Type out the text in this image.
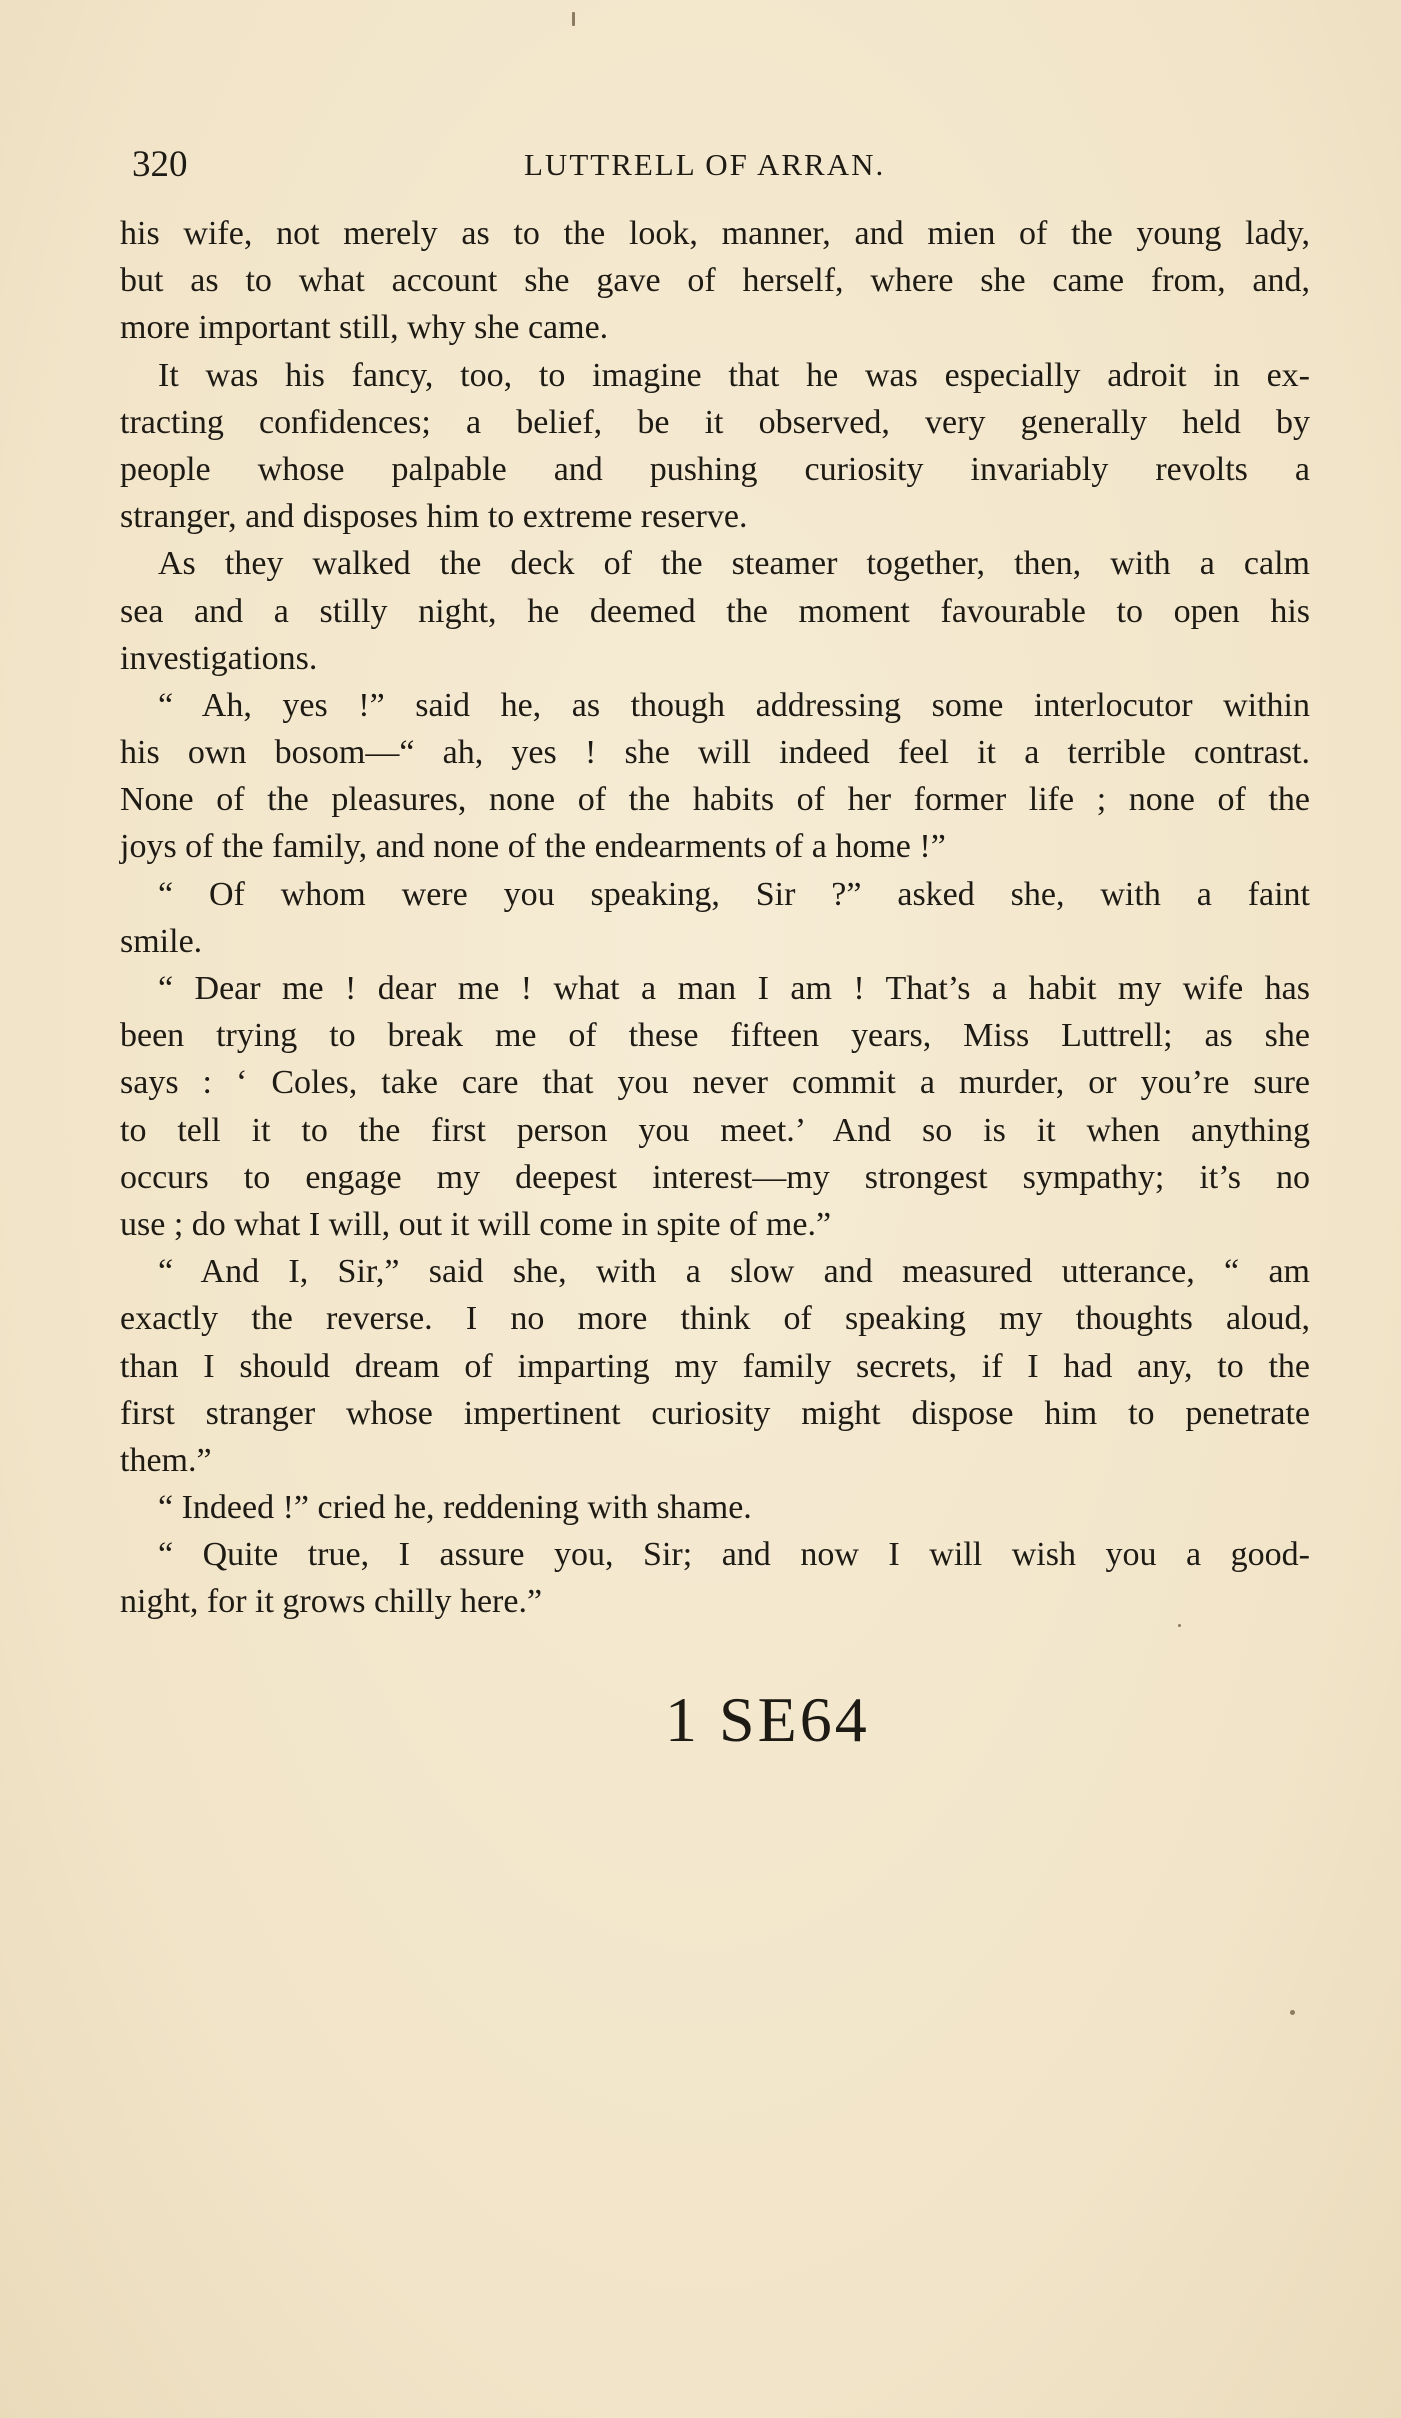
320	LUTTRELL OF ARRAN.
his wife, not merely as to the look, manner, and mien of the young lady,
but as to what account she gave of herself, where she came from, and,
more important still, why she came.
It was his fancy, too, to imagine that he was especially adroit in ex-
tracting confidences; a belief, be it observed, very generally held by
people whose palpable and pushing curiosity invariably revolts a
stranger, and disposes him to extreme reserve.
As they walked the deck of the steamer together, then, with a calm
sea and a stilly night, he deemed the moment favourable to open his
investigations.
“ Ah, yes !” said he, as though addressing some interlocutor within
his own bosom—“ ah, yes ! she will indeed feel it a terrible contrast.
None of the pleasures, none of the habits of her former life ; none of the
joys of the family, and none of the endearments of a home !”
“ Of whom were you speaking, Sir ?” asked she, with a faint
smile.
“ Dear me ! dear me ! what a man I am ! That’s a habit my wife has
been trying to break me of these fifteen years, Miss Luttrell; as she
says : ‘ Coles, take care that you never commit a murder, or you’re sure
to tell it to the first person you meet.’ And so is it when anything
occurs to engage my deepest interest—my strongest sympathy; it’s no
use ; do what I will, out it will come in spite of me.”
“ And I, Sir,” said she, with a slow and measured utterance, “ am
exactly the reverse. I no more think of speaking my thoughts aloud,
than I should dream of imparting my family secrets, if I had any, to the
first stranger whose impertinent curiosity might dispose him to penetrate
them.”
“ Indeed !” cried he, reddening with shame.
“ Quite true, I assure you, Sir; and now I will wish you a good-
night, for it grows chilly here.”
1 SE64
